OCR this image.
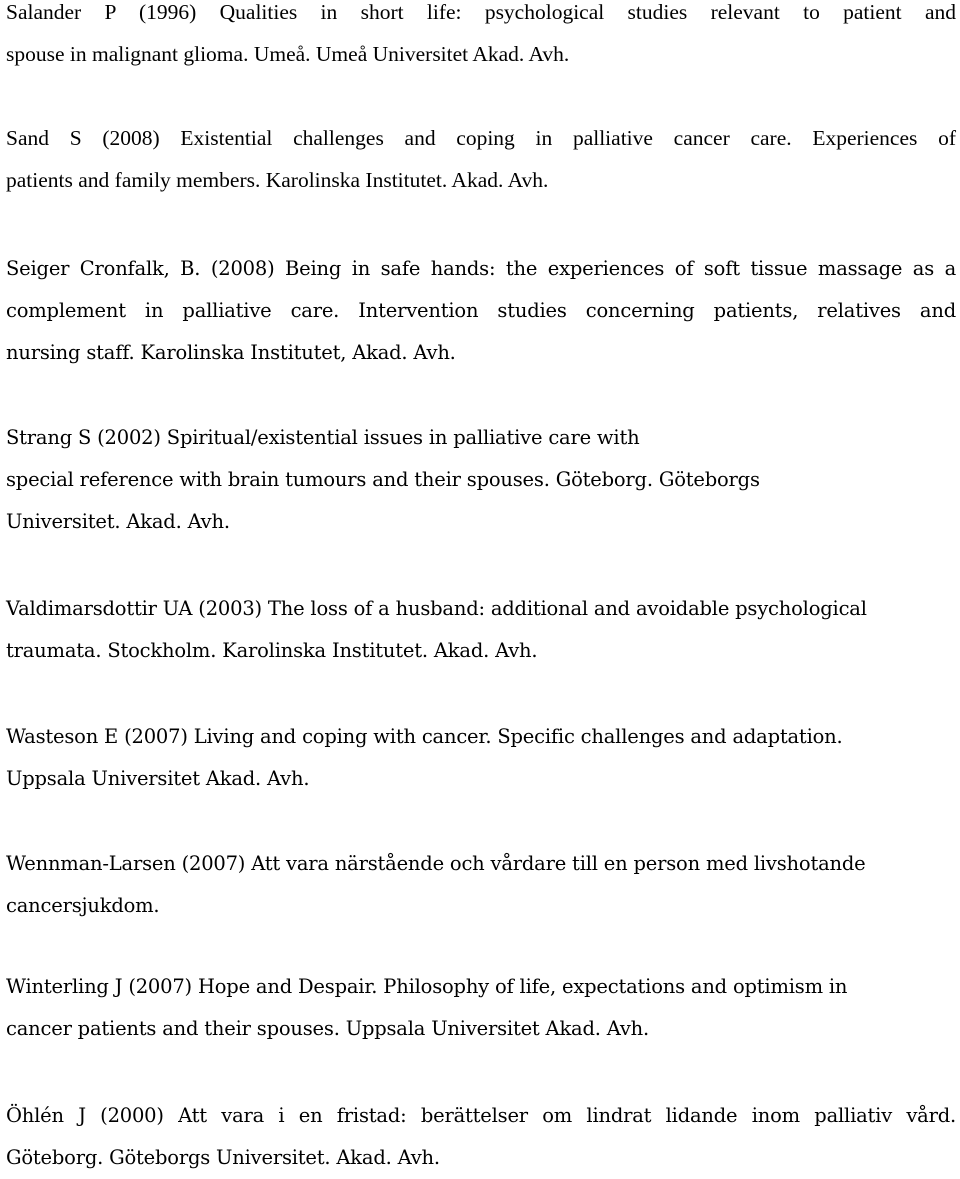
Salander P (1996) Qualities in short life: psychological studies relevant to patient and
spouse in malignant glioma. Umeå. Umeå Universitet Akad. Avh.

Sand S (2008) Existential challenges and coping in palliative cancer care. Experiences of
patients and family members. Karolinska Institutet. Akad. Avh.

Seiger Cronfalk, B. (2008) Being in safe hands: the experiences of soft tissue massage as a
complement in palliative care. Intervention studies concerning patients, relatives and
nursing staff. Karolinska Institutet, Akad. Avh.

Strang S (2002) Spiritual/existential issues in palliative care with
special reference with brain tumours and their spouses. Göteborg. Göteborgs
Universitet. Akad. Avh.

Valdimarsdottir UA (2003) The loss of a husband: additional and avoidable psychological
traumata. Stockholm. Karolinska Institutet. Akad. Avh.

Wasteson E (2007) Living and coping with cancer. Specific challenges and adaptation.
Uppsala Universitet Akad. Avh.

Wennman-Larsen (2007) Att vara närstående och vårdare till en person med livshotande
cancersjukdom.

Winterling J (2007) Hope and Despair. Philosophy of life, expectations and optimism in
cancer patients and their spouses. Uppsala Universitet Akad. Avh.

Öhlén J (2000) Att vara i en fristad: berättelser om lindrat lidande inom palliativ vård.
Göteborg. Göteborgs Universitet. Akad. Avh.
